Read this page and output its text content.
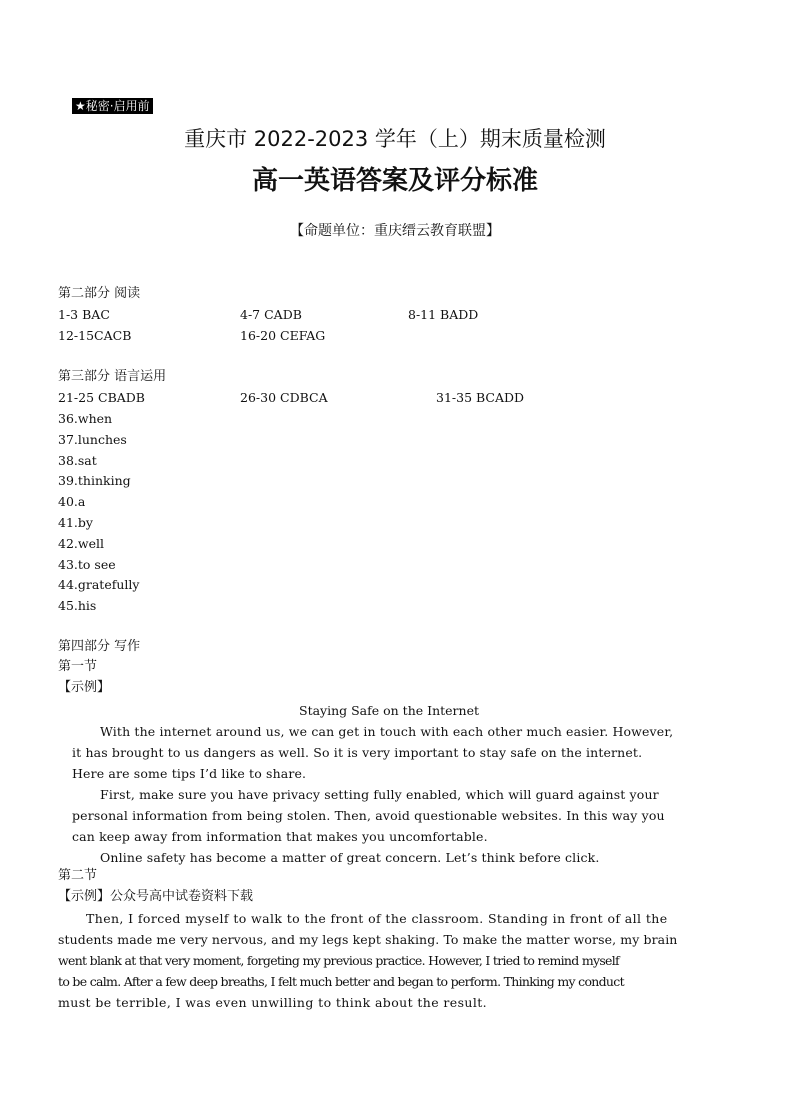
★秘密·启用前
重庆市 2022-2023 学年（上）期末质量检测
高一英语答案及评分标准
【命题单位：重庆缙云教育联盟】
第二部分 阅读
1-3 BAC	4-7 CADB	8-11 BADD
12-15CACB	16-20 CEFAG
第三部分 语言运用
21-25 CBADB	26-30 CDBCA	31-35 BCADD
36.when
37.lunches
38.sat
39.thinking
40.a
41.by
42.well
43.to see
44.gratefully
45.his
第四部分 写作
第一节
【示例】
Staying Safe on the Internet
With the internet around us, we can get in touch with each other much easier. However,
it has brought to us dangers as well. So it is very important to stay safe on the internet.
Here are some tips I’d like to share.
First, make sure you have privacy setting fully enabled, which will guard against your
personal information from being stolen. Then, avoid questionable websites. In this way you
can keep away from information that makes you uncomfortable.
Online safety has become a matter of great concern. Let’s think before click.
第二节
【示例】公众号高中试卷资料下载
Then, I forced myself to walk to the front of the classroom. Standing in front of all the
students made me very nervous, and my legs kept shaking. To make the matter worse, my brain
went blank at that very moment, forgeting my previous practice. However, I tried to remind myself
to be calm. After a few deep breaths, I felt much better and began to perform. Thinking my conduct
must be terrible, I was even unwilling to think about the result.
